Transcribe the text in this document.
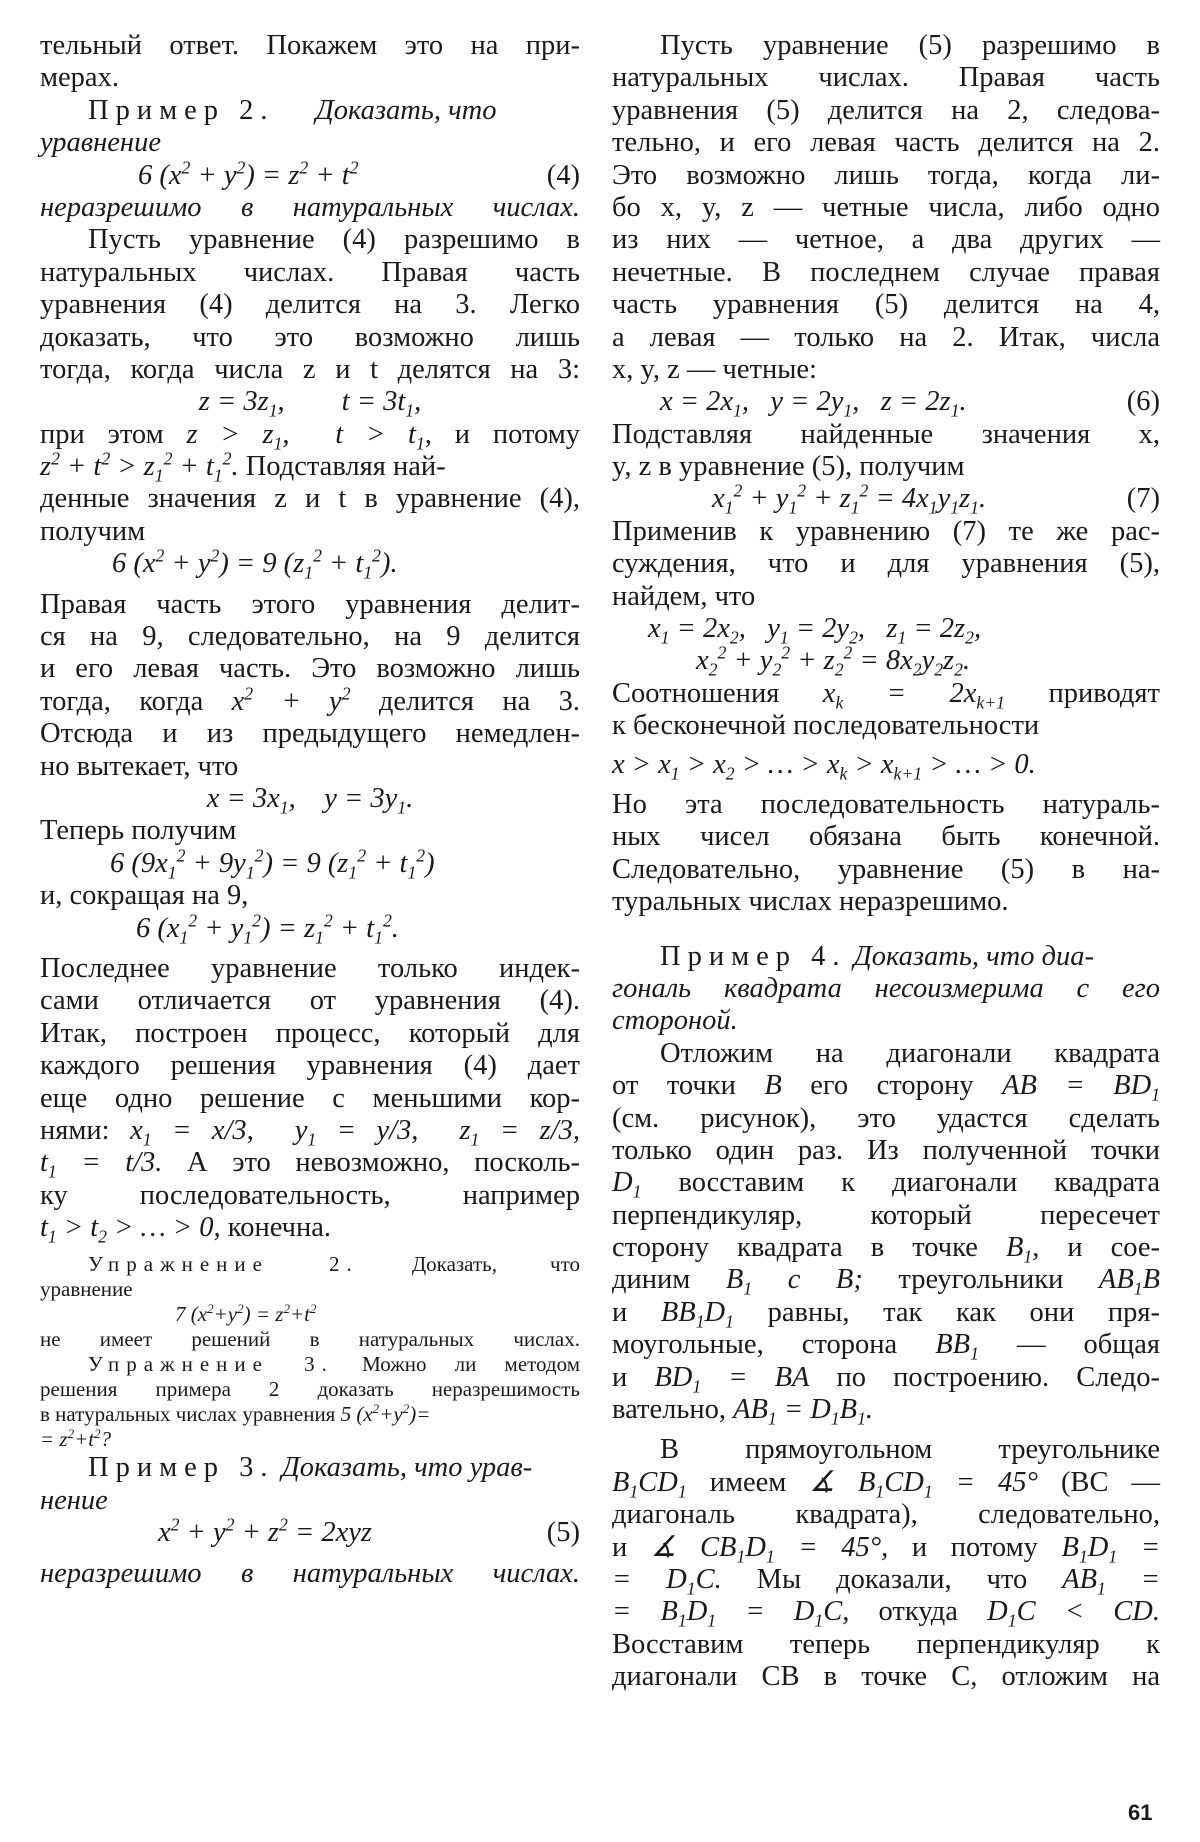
тельный ответ. Покажем это на при-
мерах.
Пример 2. Доказать, что
уравнение
6 $(x^2 + y^2) = z^2 + t^2$	(4)
неразрешимо в натуральных числах.
Пусть уравнение (4) разрешимо в
натуральных числах. Правая часть
уравнения (4) делится на 3. Легко
доказать, что это возможно лишь
тогда, когда числа z и t делятся на 3:
$z = 3z_1$,        $t = 3t_1$,
при этом $z > z_1$,  $t > t_1$, и потому
$z^2 + t^2 > z_1^2 + t_1^2$. Подставляя най-
денные значения z и t в уравнение (4),
получим
6 $(x^2 + y^2) = 9$ $(z_1^2 + t_1^2)$.
Правая часть этого уравнения делит-
ся на 9, следовательно, на 9 делится
и его левая часть. Это возможно лишь
тогда, когда $x^2 + y^2$ делится на 3.
Отсюда и из предыдущего немедлен-
но вытекает, что
$x = 3x_1$,    $y = 3y_1$.
Теперь получим
6 $(9x_1^2 + 9y_1^2) = 9$ $(z_1^2 + t_1^2)$
и, сокращая на 9,
6 $(x_1^2 + y_1^2) = z_1^2 + t_1^2$.
Последнее уравнение только индек-
сами отличается от уравнения (4).
Итак, построен процесс, который для
каждого решения уравнения (4) дает
еще одно решение с меньшими кор-
нями: $x_1 = x/3$,  $y_1 = y/3$,  $z_1 = z/3$,
$t_1 = t/3$. А это невозможно, посколь-
ку последовательность, например
$t_1 > t_2$ > … > 0, конечна.
Упражнение 2.	Доказать, что
уравнение
7 $(x^2+y^2) = z^2+t^2$
не имеет решений в натуральных числах.
Упражнение 3. Можно ли методом
решения примера 2 доказать неразрешимость
в натуральных числах уравнения 5 $(x^2+y^2)=$
= $z^2+t^2$?
Пример 3. Доказать, что урав-
нение
$x^2 + y^2 + z^2 = 2xyz$	(5)
неразрешимо в натуральных числах.
Пусть уравнение (5) разрешимо в
натуральных числах. Правая часть
уравнения (5) делится на 2, следова-
тельно, и его левая часть делится на 2.
Это возможно лишь тогда, когда ли-
бо x, y, z — четные числа, либо одно
из них — четное, а два других —
нечетные. В последнем случае правая
часть уравнения (5) делится на 4,
а левая — только на 2. Итак, числа
x, y, z — четные:
$x = 2x_1$,   $y = 2y_1$,   $z = 2z_1$.	(6)
Подставляя найденные значения x,
y, z в уравнение (5), получим
$x_1^2 + y_1^2 + z_1^2 = 4x_1y_1z_1$.	(7)
Применив к уравнению (7) те же рас-
суждения, что и для уравнения (5),
найдем, что
$x_1 = 2x_2$,   $y_1 = 2y_2$,   $z_1 = 2z_2$,
$x_2^2 + y_2^2 + z_2^2 = 8x_2y_2z_2$.
Соотношения $x_k = 2x_{k+1}$ приводят
к бесконечной последовательности
$x > x_1 > x_2$ > … > $x_k > x_{k+1}$ > … > 0.
Но эта последовательность натураль-
ных чисел обязана быть конечной.
Следовательно, уравнение (5) в на-
туральных числах неразрешимо.
Пример 4. Доказать, что диа-
гональ квадрата несоизмерима с его
стороной.
Отложим на диагонали квадрата
от точки B его сторону AB = $BD_1$
(см. рисунок), это удастся сделать
только один раз. Из полученной точки
$D_1$ восставим к диагонали квадрата
перпендикуляр, который пересечет
сторону квадрата в точке $B_1$, и сое-
диним $B_1$ с B; треугольники $AB_1B$
и $BB_1D_1$ равны, так как они пря-
моугольные, сторона $BB_1$ — общая
и $BD_1$ = BA по построению. Следо-
вательно, $AB_1 = D_1B_1$.
В прямоугольном треугольнике
$B_1CD_1$ имеем ∡ $B_1CD_1 = 45^\circ$ (BC —
диагональ квадрата), следовательно,
и ∡ $CB_1D_1 = 45^\circ$, и потому $B_1D_1$ =
= $D_1C$. Мы доказали, что $AB_1$ =
= $B_1D_1 = D_1C$, откуда $D_1C$ < CD.
Восставим теперь перпендикуляр к
диагонали CB в точке C, отложим на
61
